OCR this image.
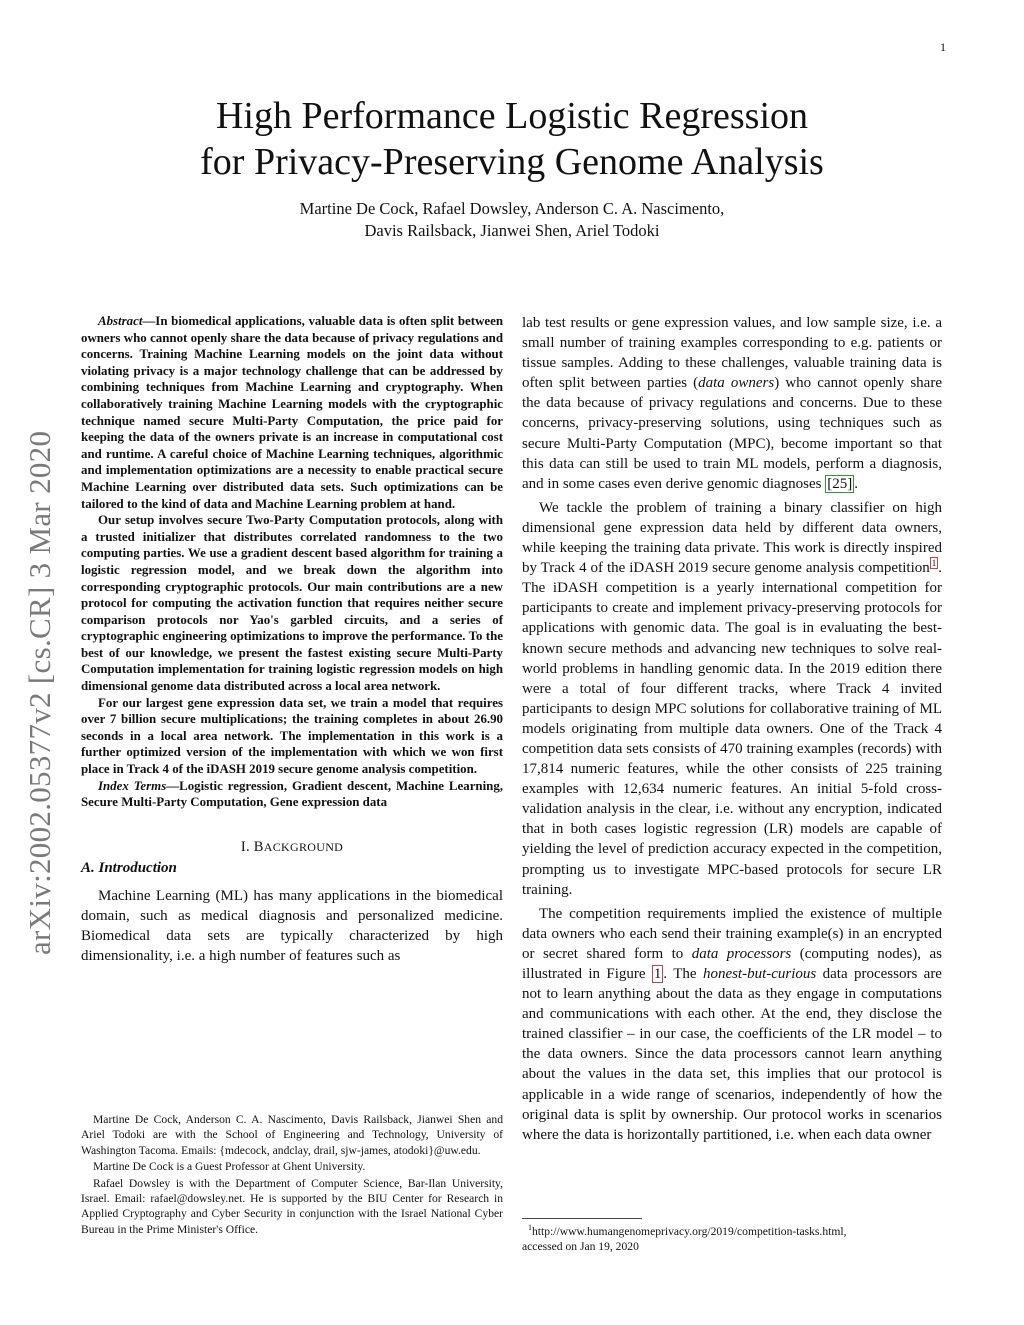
1
arXiv:2002.05377v2 [cs.CR] 3 Mar 2020
High Performance Logistic Regression
for Privacy-Preserving Genome Analysis
Martine De Cock, Rafael Dowsley, Anderson C. A. Nascimento,
Davis Railsback, Jianwei Shen, Ariel Todoki

Abstract—In biomedical applications, valuable data is often split between owners who cannot openly share the data because of privacy regulations and concerns. Training Machine Learning models on the joint data without violating privacy is a major technology challenge that can be addressed by combining techniques from Machine Learning and cryptography. When collaboratively training Machine Learning models with the cryptographic technique named secure Multi-Party Computation, the price paid for keeping the data of the owners private is an increase in computational cost and runtime. A careful choice of Machine Learning techniques, algorithmic and implementation optimizations are a necessity to enable practical secure Machine Learning over distributed data sets. Such optimizations can be tailored to the kind of data and Machine Learning problem at hand.

Our setup involves secure Two-Party Computation protocols, along with a trusted initializer that distributes correlated randomness to the two computing parties. We use a gradient descent based algorithm for training a logistic regression model, and we break down the algorithm into corresponding cryptographic protocols. Our main contributions are a new protocol for computing the activation function that requires neither secure comparison protocols nor Yao's garbled circuits, and a series of cryptographic engineering optimizations to improve the performance. To the best of our knowledge, we present the fastest existing secure Multi-Party Computation implementation for training logistic regression models on high dimensional genome data distributed across a local area network.

For our largest gene expression data set, we train a model that requires over 7 billion secure multiplications; the training completes in about 26.90 seconds in a local area network. The implementation in this work is a further optimized version of the implementation with which we won first place in Track 4 of the iDASH 2019 secure genome analysis competition.

Index Terms—Logistic regression, Gradient descent, Machine Learning, Secure Multi-Party Computation, Gene expression data

I. BACKGROUND
A. Introduction

Machine Learning (ML) has many applications in the biomedical domain, such as medical diagnosis and personalized medicine. Biomedical data sets are typically characterized by high dimensionality, i.e. a high number of features such as

lab test results or gene expression values, and low sample size, i.e. a small number of training examples corresponding to e.g. patients or tissue samples. Adding to these challenges, valuable training data is often split between parties (data owners) who cannot openly share the data because of privacy regulations and concerns. Due to these concerns, privacy-preserving solutions, using techniques such as secure Multi-Party Computation (MPC), become important so that this data can still be used to train ML models, perform a diagnosis, and in some cases even derive genomic diagnoses [25] .

We tackle the problem of training a binary classifier on high dimensional gene expression data held by different data owners, while keeping the training data private. This work is directly inspired by Track 4 of the iDASH 2019 secure genome analysis competition $^1$ . The iDASH competition is a yearly international competition for participants to create and implement privacy-preserving protocols for applications with genomic data. The goal is in evaluating the best-known secure methods and advancing new techniques to solve real-world problems in handling genomic data. In the 2019 edition there were a total of four different tracks, where Track 4 invited participants to design MPC solutions for collaborative training of ML models originating from multiple data owners. One of the Track 4 competition data sets consists of 470 training examples (records) with 17,814 numeric features, while the other consists of 225 training examples with 12,634 numeric features. An initial 5-fold cross-validation analysis in the clear, i.e. without any encryption, indicated that in both cases logistic regression (LR) models are capable of yielding the level of prediction accuracy expected in the competition, prompting us to investigate MPC-based protocols for secure LR training.

The competition requirements implied the existence of multiple data owners who each send their training example(s) in an encrypted or secret shared form to data processors (computing nodes), as illustrated in Figure 1 . The honest-but-curious data processors are not to learn anything about the data as they engage in computations and communications with each other. At the end, they disclose the trained classifier – in our case, the coefficients of the LR model – to the data owners. Since the data processors cannot learn anything about the values in the data set, this implies that our protocol is applicable in a wide range of scenarios, independently of how the original data is split by ownership. Our protocol works in scenarios where the data is horizontally partitioned, i.e. when each data owner

Martine De Cock, Anderson C. A. Nascimento, Davis Railsback, Jianwei Shen and Ariel Todoki are with the School of Engineering and Technology, University of Washington Tacoma. Emails: {mdecock, andclay, drail, sjw-james, atodoki}@uw.edu.

Martine De Cock is a Guest Professor at Ghent University.

Rafael Dowsley is with the Department of Computer Science, Bar-Ilan University, Israel. Email: rafael@dowsley.net. He is supported by the BIU Center for Research in Applied Cryptography and Cyber Security in conjunction with the Israel National Cyber Bureau in the Prime Minister's Office.	$^1$http://www.humangenomeprivacy.org/2019/competition-tasks.html,

accessed on Jan 19, 2020
